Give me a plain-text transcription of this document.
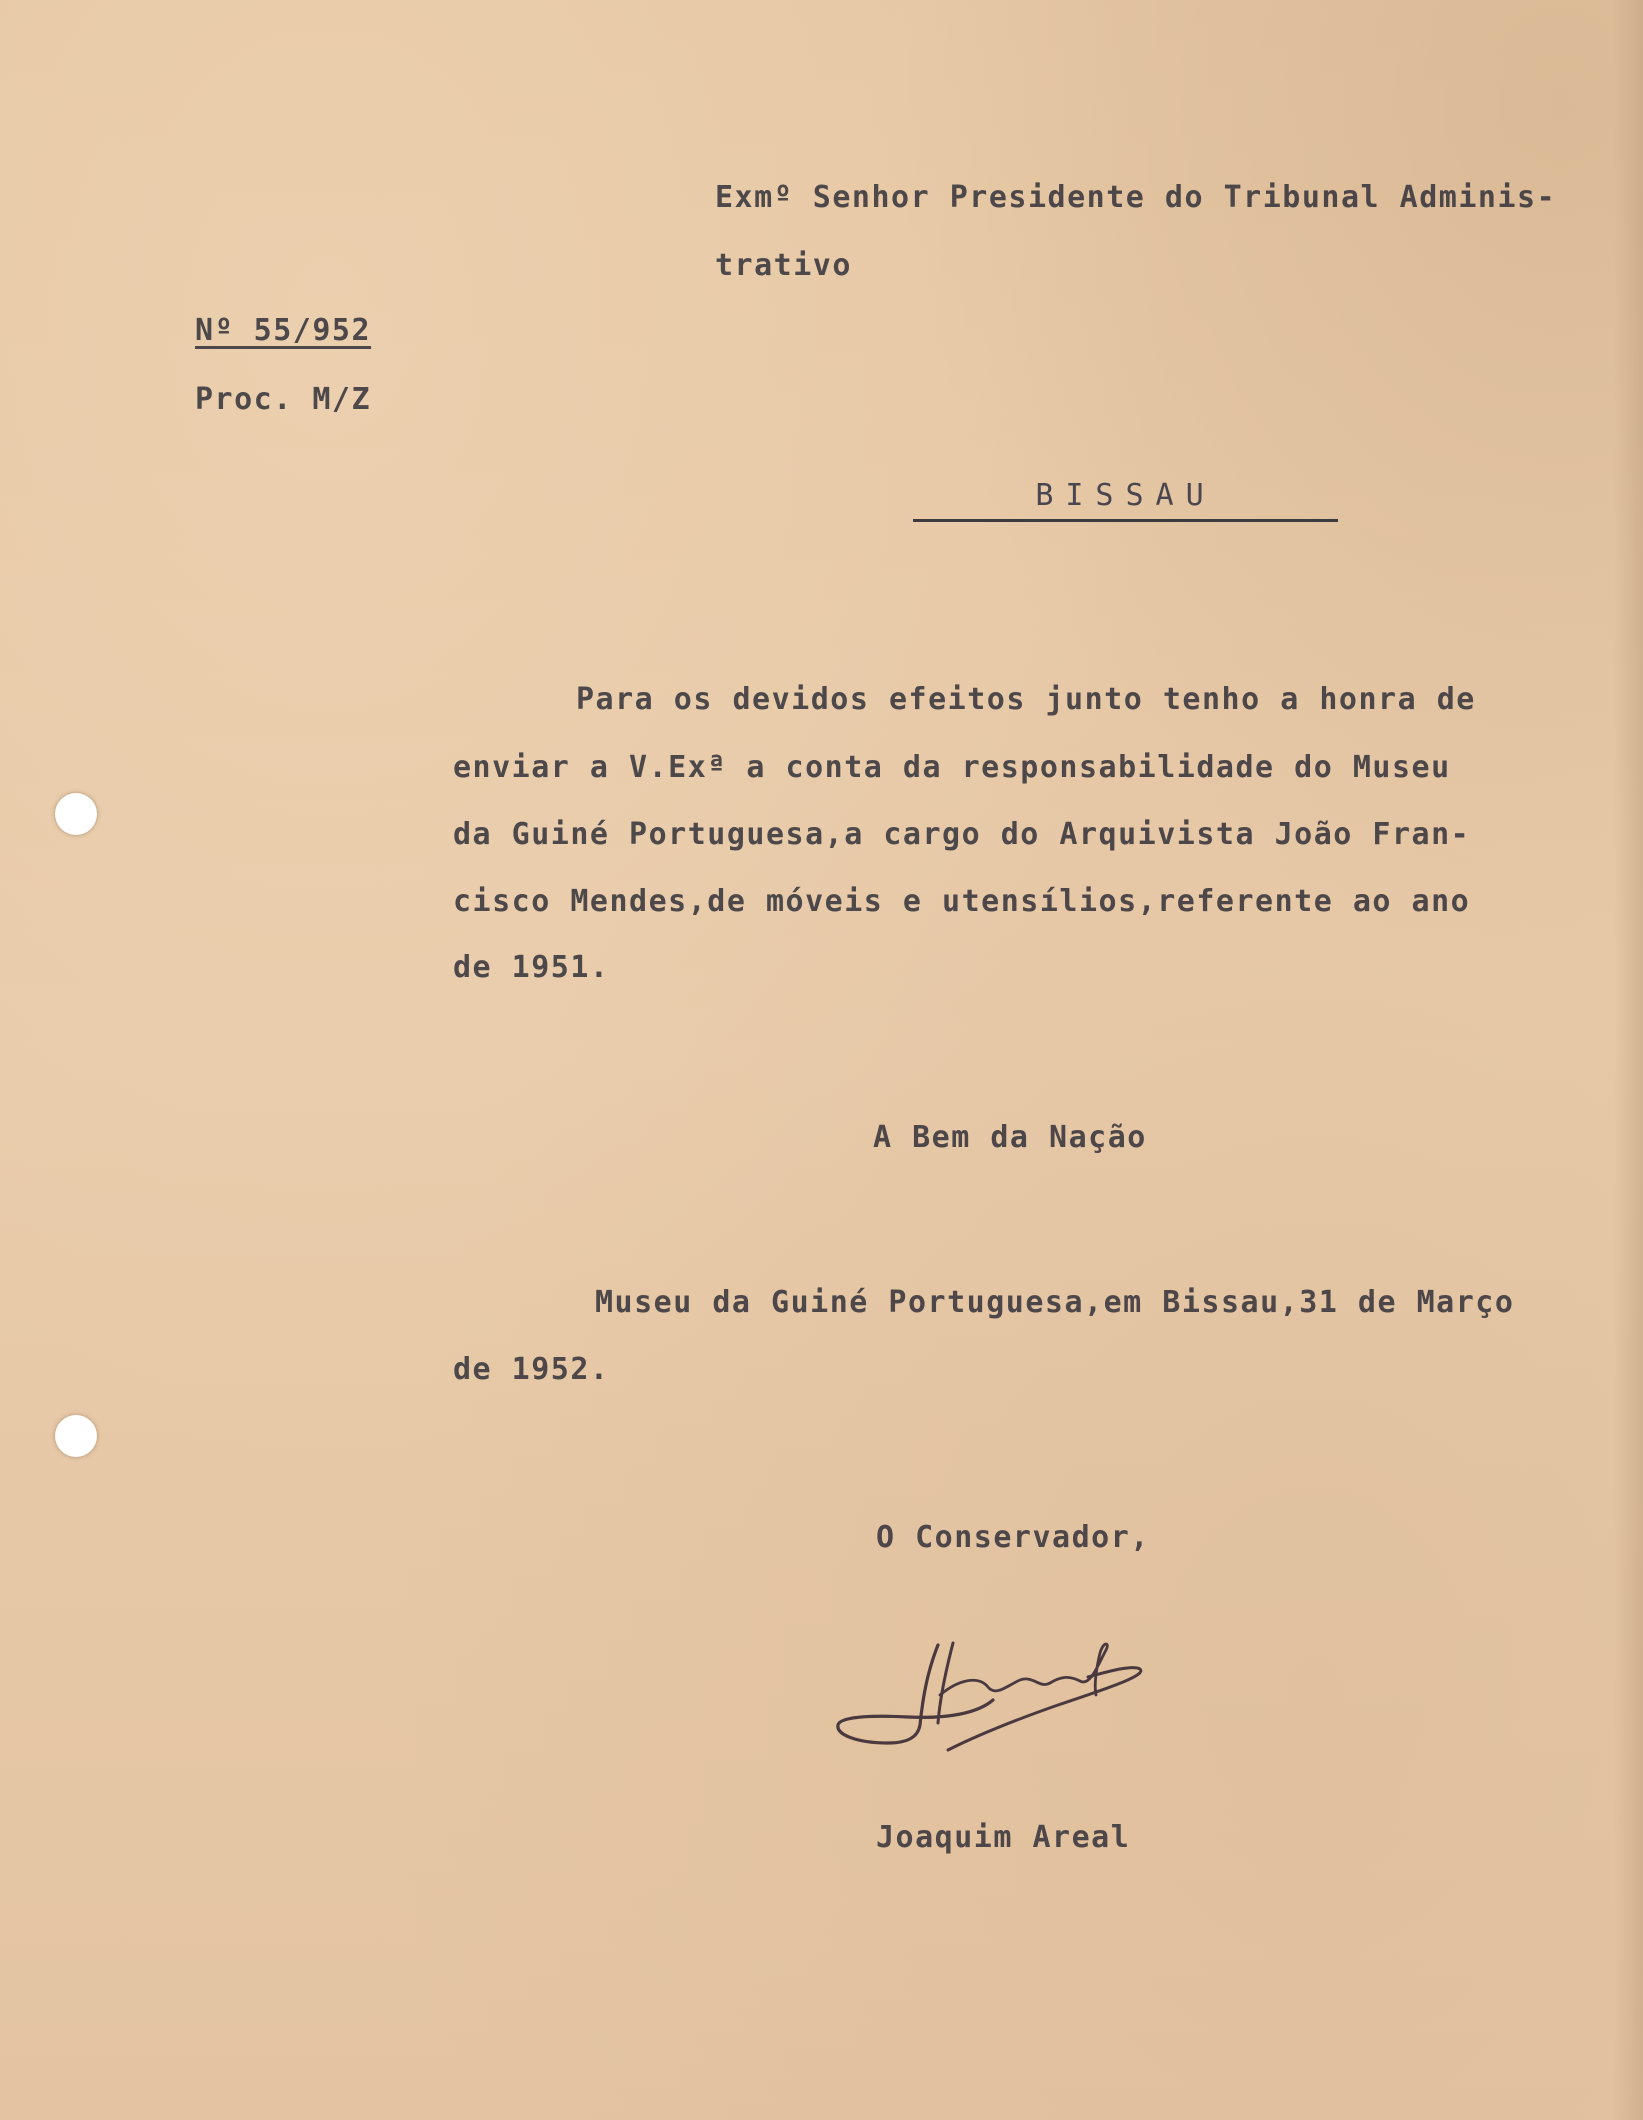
Exmº Senhor Presidente do Tribunal Adminis-
trativo
Nº 55/952
Proc. M/Z
BISSAU
Para os devidos efeitos junto tenho a honra de
enviar a V.Exª a conta da responsabilidade do Museu
da Guiné Portuguesa,a cargo do Arquivista João Fran-
cisco Mendes,de móveis e utensílios,referente ao ano
de 1951.
A Bem da Nação
Museu da Guiné Portuguesa,em Bissau,31 de Março
de 1952.
O Conservador,
Joaquim Areal
